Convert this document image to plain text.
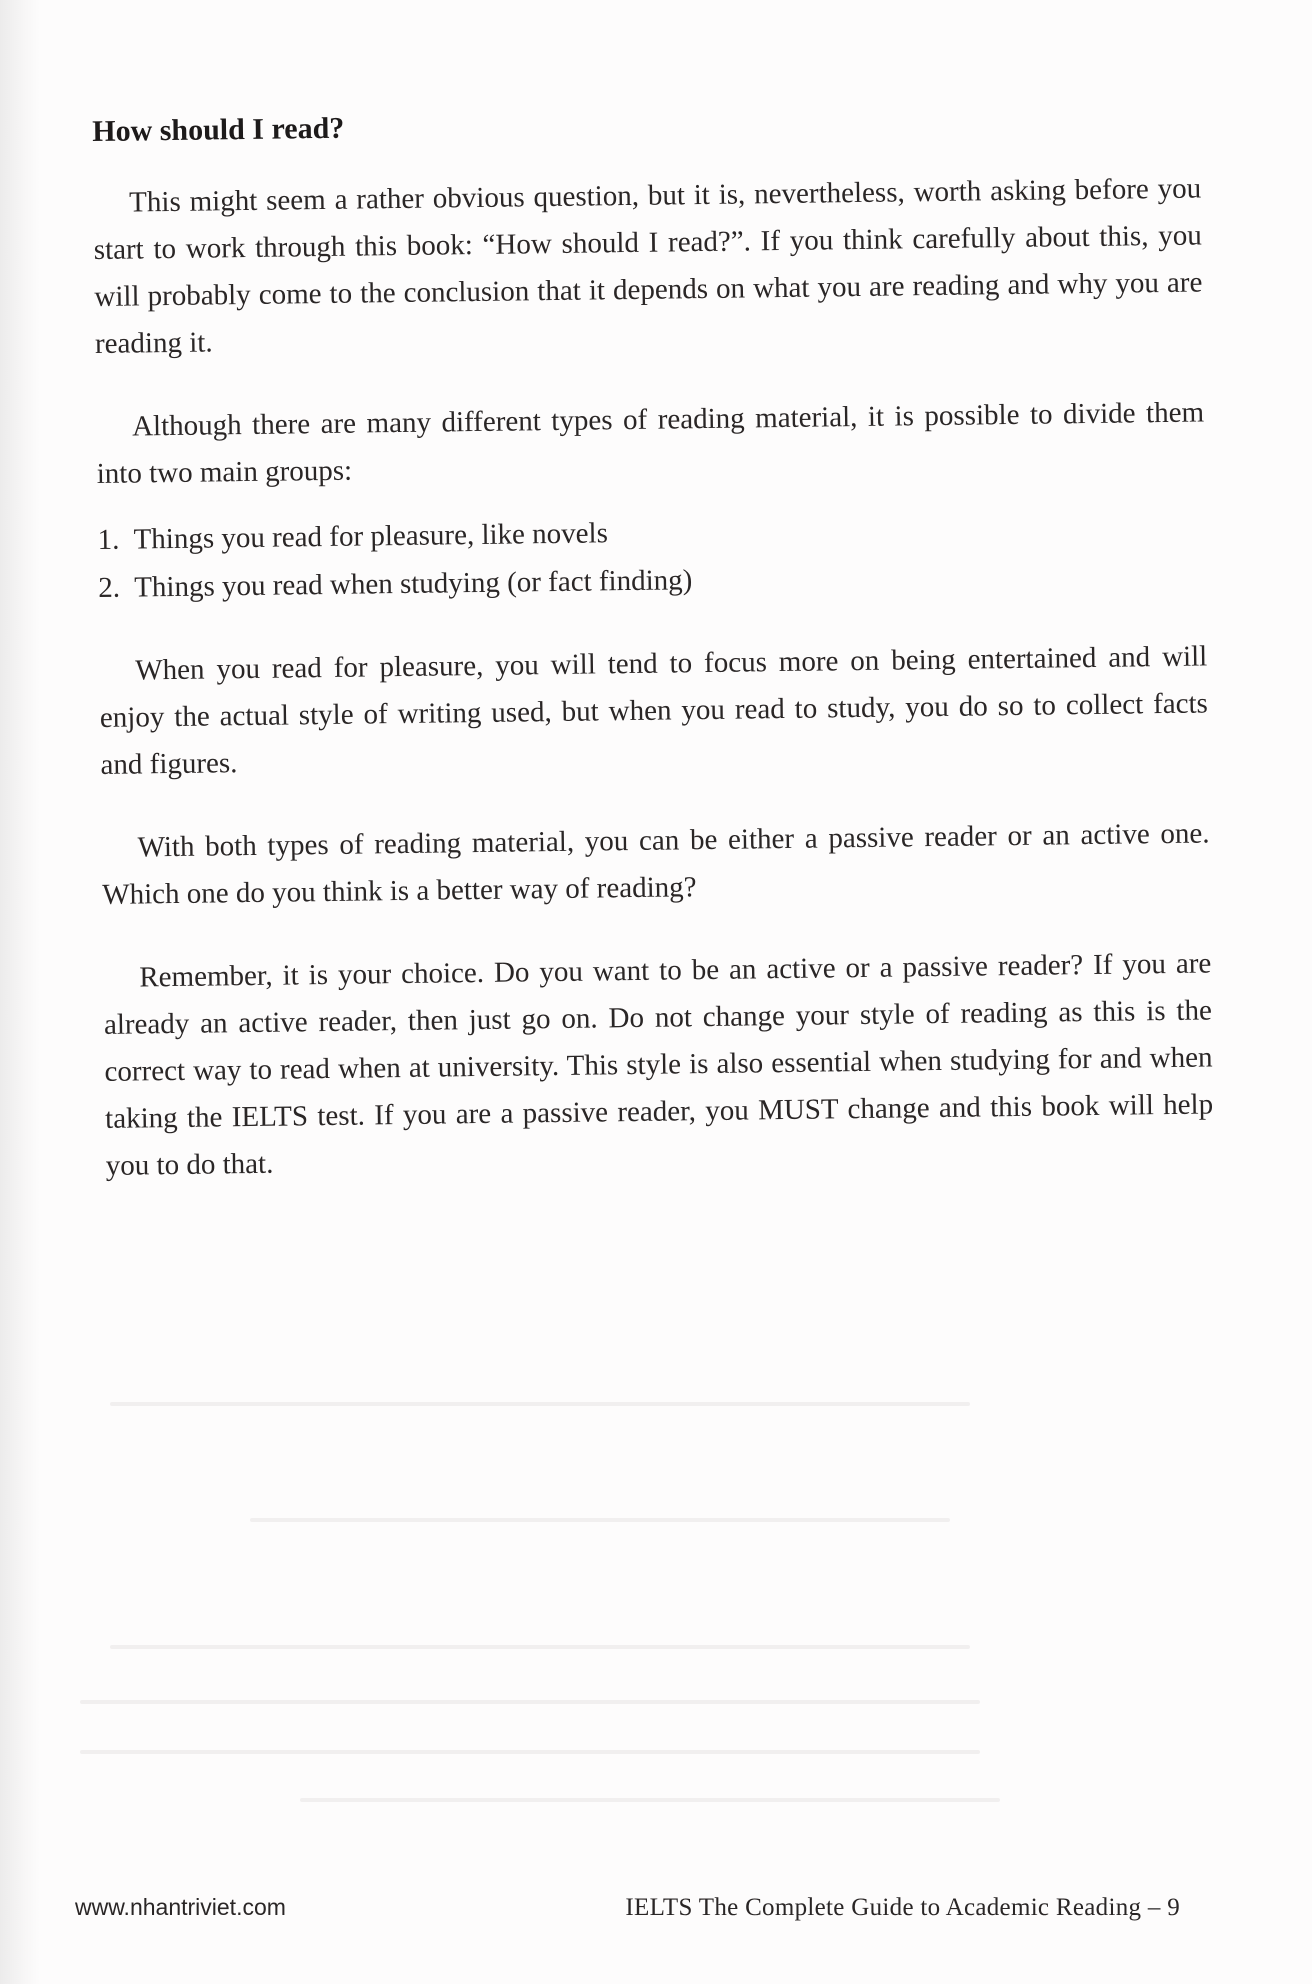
How should I read?

This might seem a rather obvious question, but it is, nevertheless, worth asking before you start to work through this book: “How should I read?”. If you think carefully about this, you will probably come to the conclusion that it depends on what you are reading and why you are reading it.

Although there are many different types of reading material, it is possible to divide them into two main groups:

1. Things you read for pleasure, like novels
2. Things you read when studying (or fact finding)

When you read for pleasure, you will tend to focus more on being entertained and will enjoy the actual style of writing used, but when you read to study, you do so to collect facts and figures.

With both types of reading material, you can be either a passive reader or an active one. Which one do you think is a better way of reading?

Remember, it is your choice. Do you want to be an active or a passive reader? If you are already an active reader, then just go on. Do not change your style of reading as this is the correct way to read when at university. This style is also essential when studying for and when taking the IELTS test. If you are a passive reader, you MUST change and this book will help you to do that.

www.nhantriviet.com	IELTS The Complete Guide to Academic Reading – 9
